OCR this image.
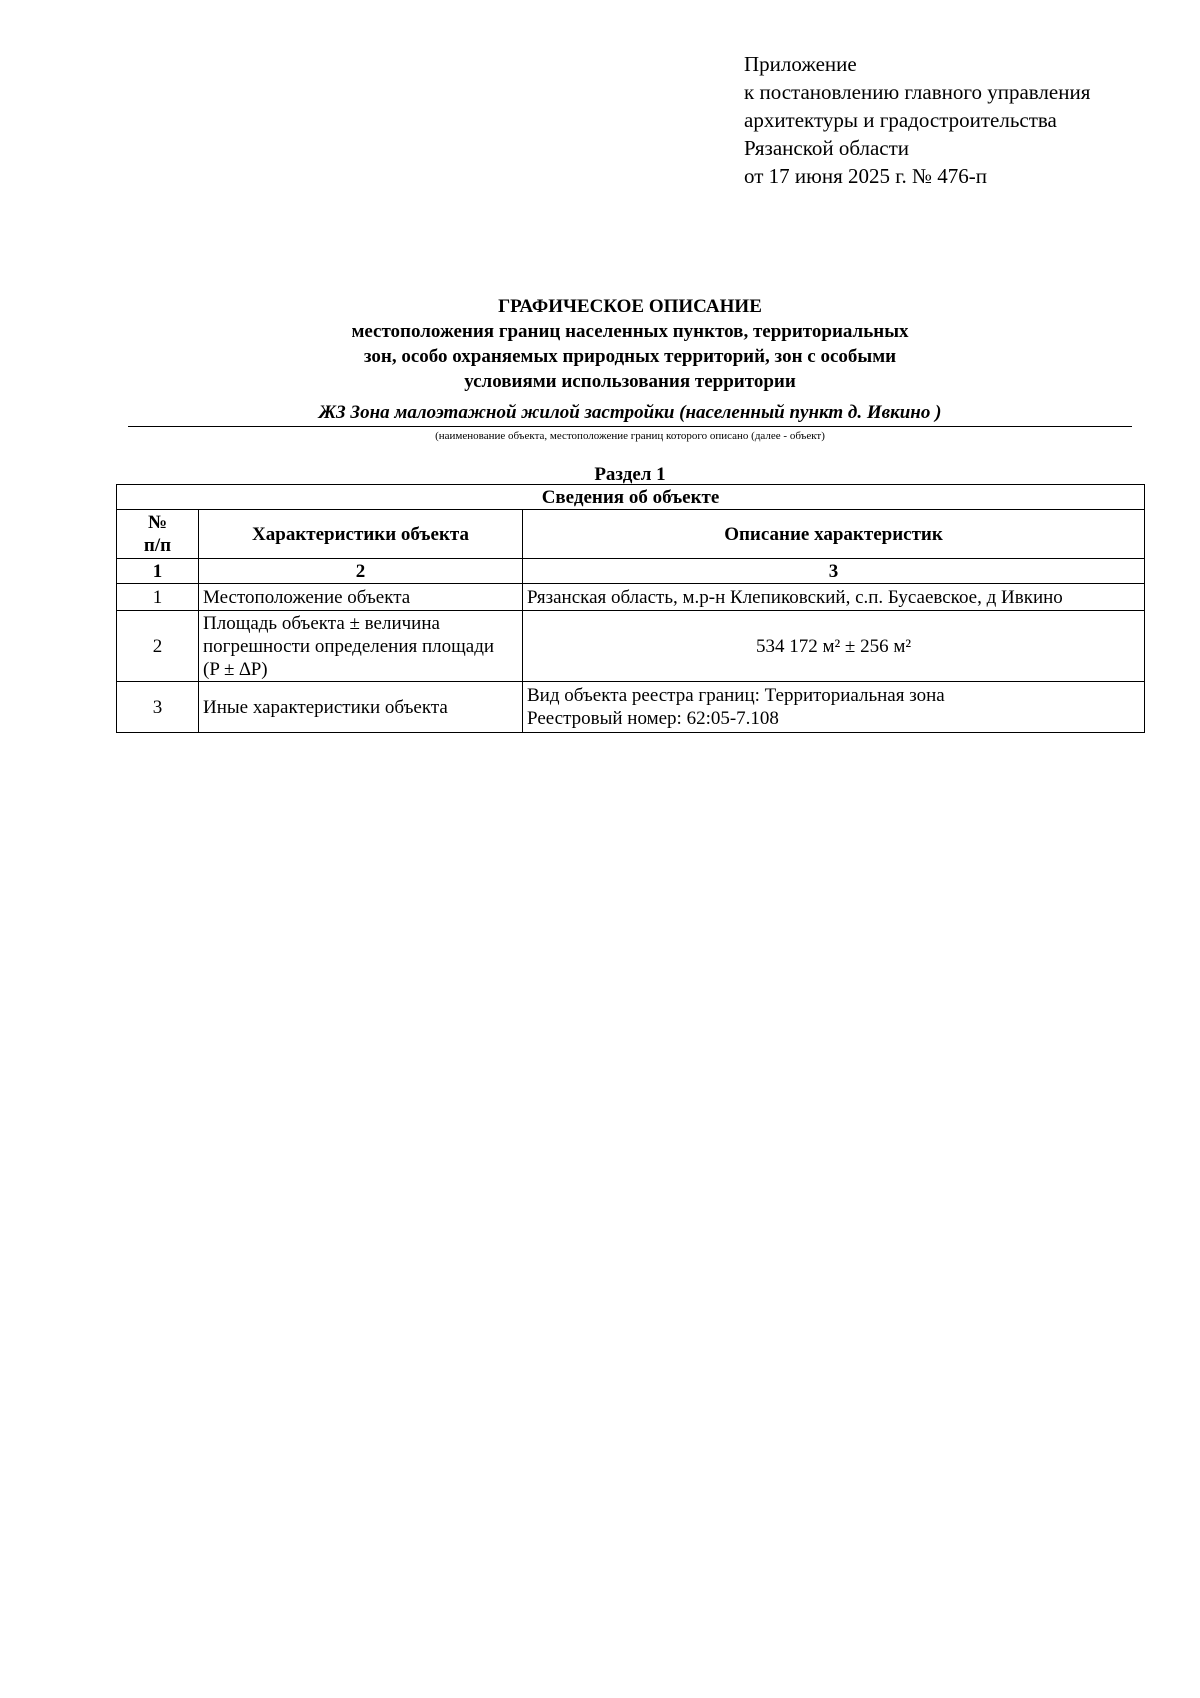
Приложение
к постановлению главного управления
архитектуры и градостроительства
Рязанской области
от 17 июня 2025 г. № 476-п
ГРАФИЧЕСКОЕ ОПИСАНИЕ
местоположения границ населенных пунктов, территориальных
зон, особо охраняемых природных территорий, зон с особыми
условиями использования территории
ЖЗ Зона малоэтажной жилой застройки (населенный пункт д. Ивкино )
(наименование объекта, местоположение границ которого описано (далее - объект)
Раздел 1
Сведения об объекте		

№
п/п	Характеристики объекта	Описание характеристик
1	2	3
1	Местоположение объекта	Рязанская область, м.р-н Клепиковский, с.п. Бусаевское, д Ивкино

2	Площадь объекта ± величина
погрешности определения площади
(P ± ∆P)	534 172 м² ± 256 м²

3	Иные характеристики объекта	Вид объекта реестра границ: Территориальная зона
Реестровый номер: 62:05-7.108
